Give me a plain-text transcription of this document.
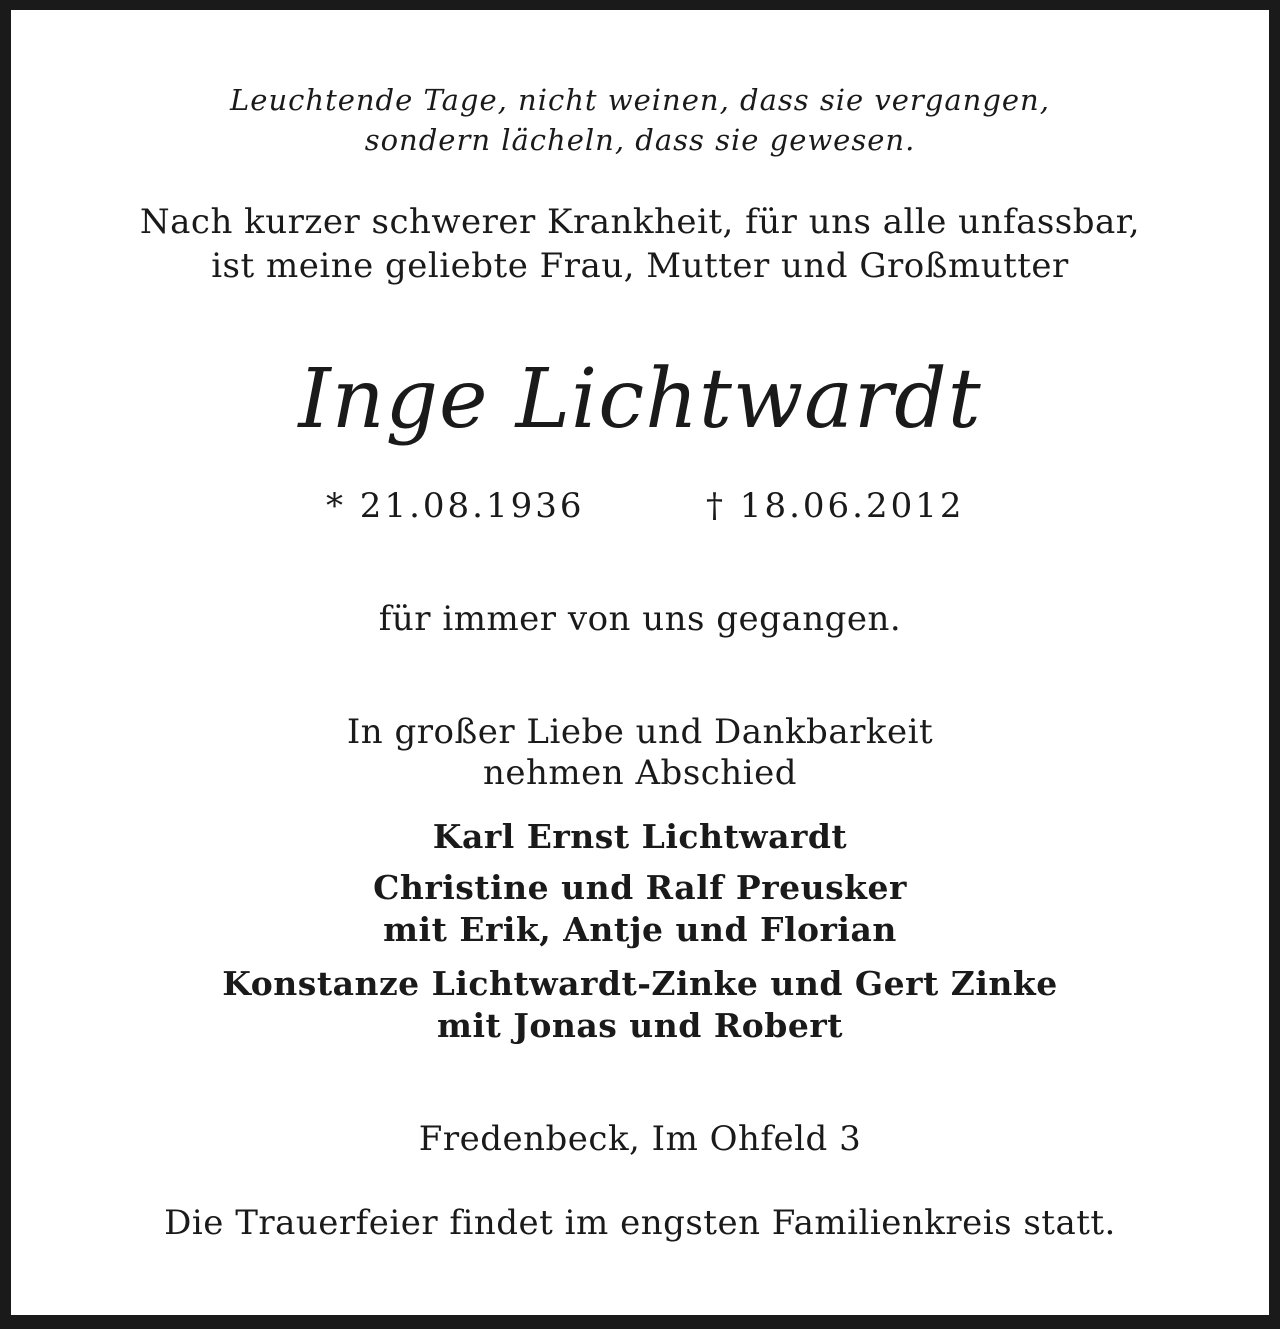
Leuchtende Tage, nicht weinen, dass sie vergangen,
sondern lächeln, dass sie gewesen.
Nach kurzer schwerer Krankheit, für uns alle unfassbar,
ist meine geliebte Frau, Mutter und Großmutter
Inge Lichtwardt
* 21.08.1936	† 18.06.2012
für immer von uns gegangen.
In großer Liebe und Dankbarkeit
nehmen Abschied
Karl Ernst Lichtwardt
Christine und Ralf Preusker
mit Erik, Antje und Florian
Konstanze Lichtwardt-Zinke und Gert Zinke
mit Jonas und Robert
Fredenbeck, Im Ohfeld 3
Die Trauerfeier findet im engsten Familienkreis statt.
